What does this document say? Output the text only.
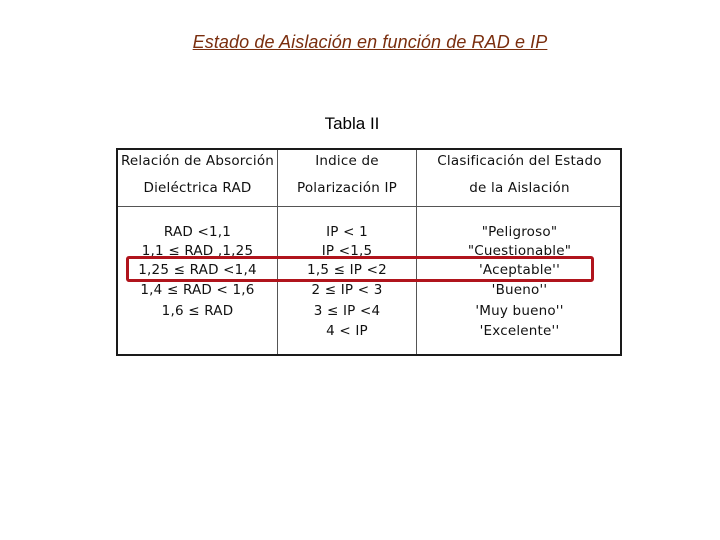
Estado de Aislación en función de RAD e IP
Tabla II
Relación de Absorción
Dieléctrica RAD
Indice de
Polarización IP
Clasificación del Estado
de la Aislación
RAD <1,1
1,1 ≤ RAD ,1,25
1,25 ≤ RAD <1,4
1,4 ≤ RAD < 1,6
1,6 ≤ RAD
IP < 1
IP <1,5
1,5 ≤ IP <2
2 ≤ IP < 3
3 ≤ IP <4
4 < IP
"Peligroso"
"Cuestionable"
'Aceptable''
'Bueno''
'Muy bueno''
'Excelente''
